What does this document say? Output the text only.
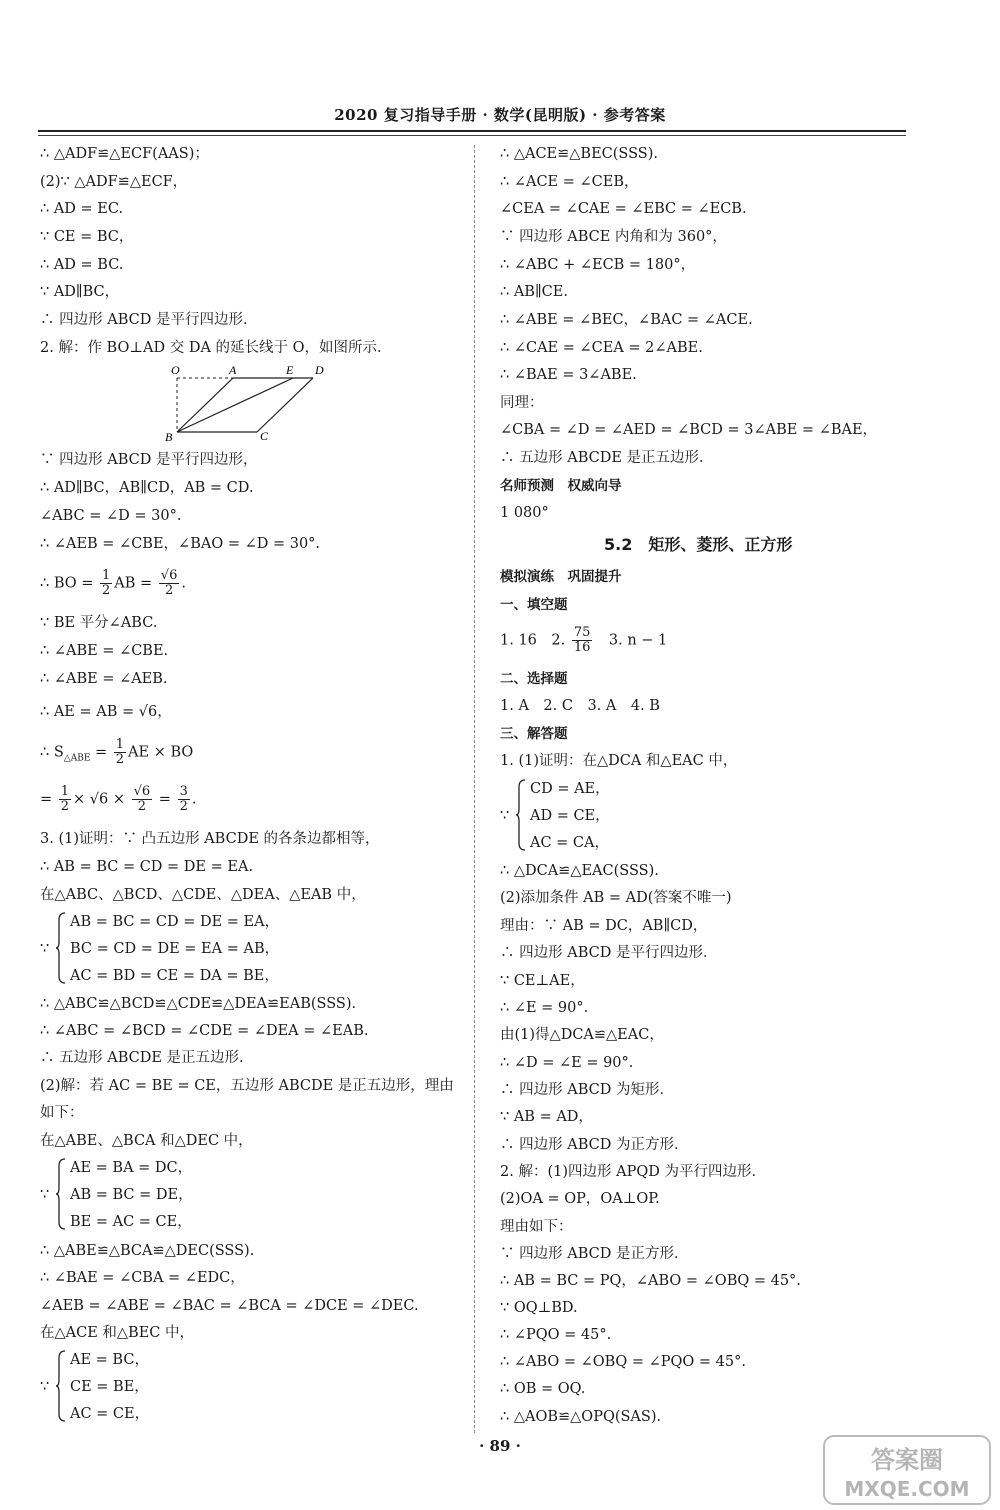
2020 复习指导手册 · 数学(昆明版) · 参考答案
∴ △ADF≌△ECF(AAS)；
(2)∵ △ADF≌△ECF，
∴ AD = EC.
∵ CE = BC，
∴ AD = BC.
∵ AD∥BC，
∴ 四边形 ABCD 是平行四边形．
2. 解：作 BO⊥AD 交 DA 的延长线于 O，如图所示．
∵ 四边形 ABCD 是平行四边形，
∴ AD∥BC，AB∥CD，AB = CD.
∠ABC = ∠D = 30°.
∴ ∠AEB = ∠CBE，∠BAO = ∠D = 30°.
∴ BO = $\frac{1}{2}$ AB = $\frac{√6}{2}$ .
∵ BE 平分∠ABC.
∴ ∠ABE = ∠CBE.
∴ ∠ABE = ∠AEB.
∴ AE = AB = √6，
∴ $S_{\triangle ABE} = \frac{1}{2}$ AE × BO
= $\frac{1}{2} \times √6 \times \frac{√6}{2} = \frac{3}{2}$ .
3. (1)证明：∵ 凸五边形 ABCDE 的各条边都相等，
∴ AB = BC = CD = DE = EA.
在△ABC、△BCD、△CDE、△DEA、△EAB 中，
∵
AB = BC = CD = DE = EA，
BC = CD = DE = EA = AB，
AC = BD = CE = DA = BE，
∴ △ABC≌△BCD≌△CDE≌△DEA≌EAB(SSS).
∴ ∠ABC = ∠BCD = ∠CDE = ∠DEA = ∠EAB.
∴ 五边形 ABCDE 是正五边形.
(2)解：若 AC = BE = CE，五边形 ABCDE 是正五边形，理由
如下：
在△ABE、△BCA 和△DEC 中，
∵
AE = BA = DC，
AB = BC = DE，
BE = AC = CE，
∴ △ABE≌△BCA≌△DEC(SSS).
∴ ∠BAE = ∠CBA = ∠EDC，
∠AEB = ∠ABE = ∠BAC = ∠BCA = ∠DCE = ∠DEC.
在△ACE 和△BEC 中，
∵
AE = BC，
CE = BE，
AC = CE，
O	A	E D
B	C
∴ △ACE≌△BEC(SSS).
∴ ∠ACE = ∠CEB，
∠CEA = ∠CAE = ∠EBC = ∠ECB.
∵ 四边形 ABCE 内角和为 360°，
∴ ∠ABC + ∠ECB = 180°，
∴ AB∥CE.
∴ ∠ABE = ∠BEC，∠BAC = ∠ACE.
∴ ∠CAE = ∠CEA = 2∠ABE.
∴ ∠BAE = 3∠ABE.
同理：
∠CBA = ∠D = ∠AED = ∠BCD = 3∠ABE = ∠BAE，
∴ 五边形 ABCDE 是正五边形．
名师预测　权威向导
1 080°
5.2　矩形、菱形、正方形
模拟演练　巩固提升
一、填空题
1. 16　2. $\frac{75}{16}$ 　3. n − 1
二、选择题
1. A　2. C　3. A　4. B
三、解答题
1. (1)证明：在△DCA 和△EAC 中，
∵
CD = AE，
AD = CE，
AC = CA，
∴ △DCA≌△EAC(SSS).
(2)添加条件 AB = AD(答案不唯一)
理由：∵ AB = DC，AB∥CD，
∴ 四边形 ABCD 是平行四边形．
∵ CE⊥AE，
∴ ∠E = 90°.
由(1)得△DCA≌△EAC，
∴ ∠D = ∠E = 90°.
∴ 四边形 ABCD 为矩形．
∵ AB = AD，
∴ 四边形 ABCD 为正方形．
2. 解：(1)四边形 APQD 为平行四边形．
(2)OA = OP，OA⊥OP.
理由如下：
∵ 四边形 ABCD 是正方形．
∴ AB = BC = PQ，∠ABO = ∠OBQ = 45°.
∵ OQ⊥BD.
∴ ∠PQO = 45°.
∴ ∠ABO = ∠OBQ = ∠PQO = 45°.
∴ OB = OQ.
∴ △AOB≌△OPQ(SAS).
· 89 ·	答案圈
MXQE.COM
